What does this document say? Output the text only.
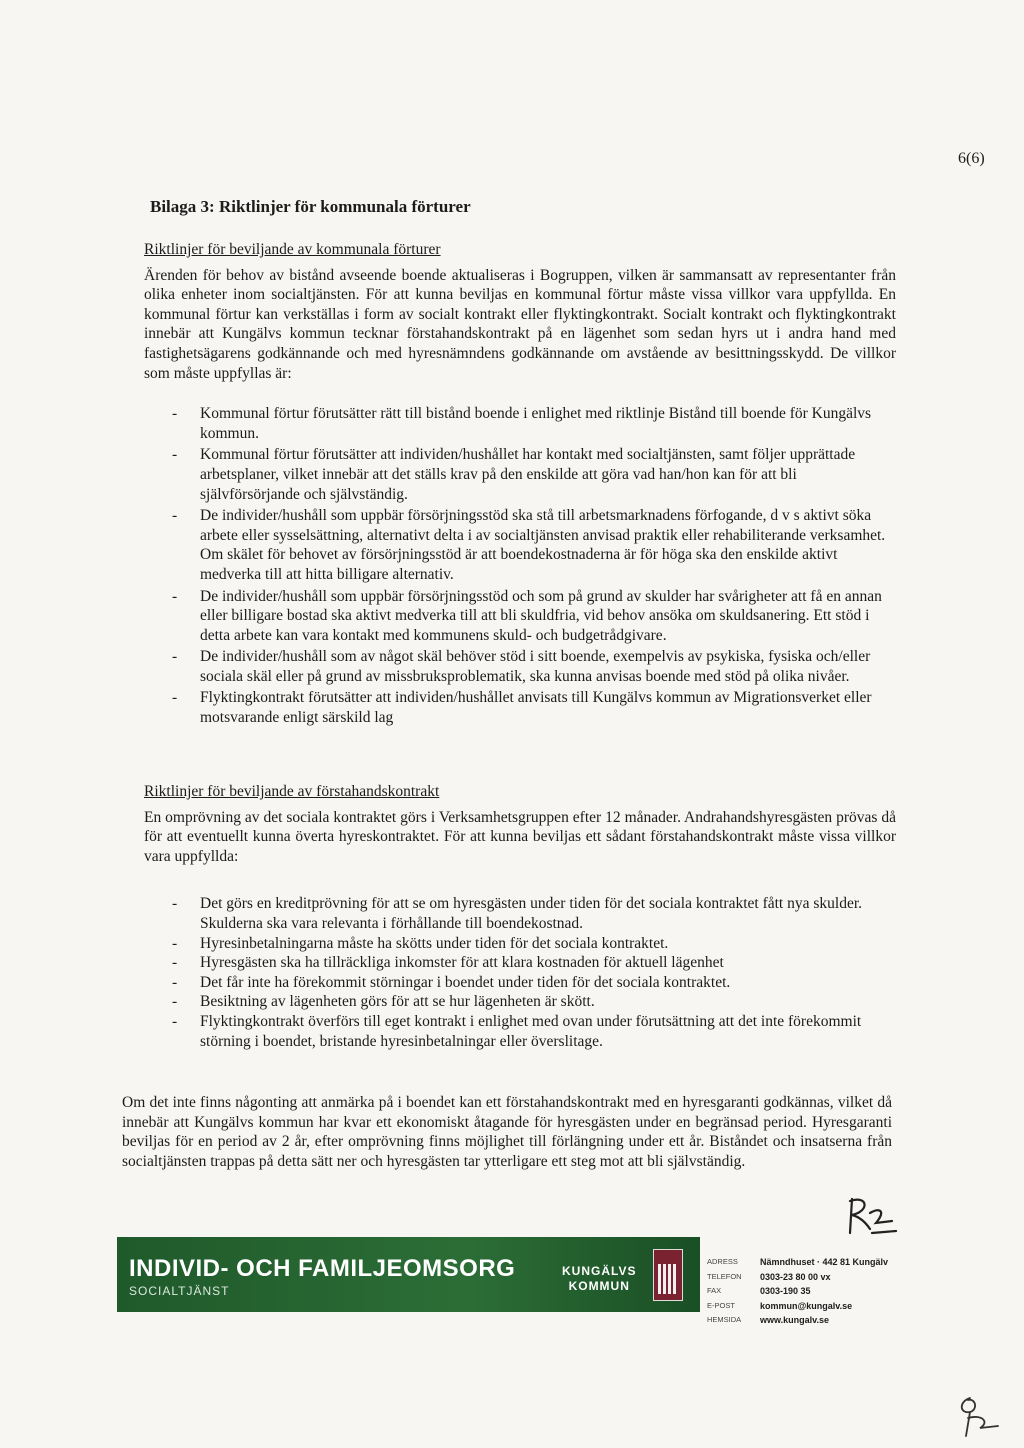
6(6)
Bilaga 3: Riktlinjer för kommunala förturer
Riktlinjer för beviljande av kommunala förturer

Ärenden för behov av bistånd avseende boende aktualiseras i Bogruppen, vilken är sammansatt av representanter från olika enheter inom socialtjänsten. För att kunna beviljas en kommunal förtur måste vissa villkor vara uppfyllda. En kommunal förtur kan verkställas i form av socialt kontrakt eller flyktingkontrakt. Socialt kontrakt och flyktingkontrakt innebär att Kungälvs kommun tecknar förstahandskontrakt på en lägenhet som sedan hyrs ut i andra hand med fastighetsägarens godkännande och med hyresnämndens godkännande om avstående av besittningsskydd. De villkor som måste uppfyllas är:

- Kommunal förtur förutsätter rätt till bistånd boende i enlighet med riktlinje Bistånd till boende för Kungälvs kommun.
- Kommunal förtur förutsätter att individen/hushållet har kontakt med socialtjänsten, samt följer upprättade arbetsplaner, vilket innebär att det ställs krav på den enskilde att göra vad han/hon kan för att bli självförsörjande och självständig.
- De individer/hushåll som uppbär försörjningsstöd ska stå till arbetsmarknadens förfogande, d v s aktivt söka arbete eller sysselsättning, alternativt delta i av socialtjänsten anvisad praktik eller rehabiliterande verksamhet. Om skälet för behovet av försörjningsstöd är att boendekostnaderna är för höga ska den enskilde aktivt medverka till att hitta billigare alternativ.
- De individer/hushåll som uppbär försörjningsstöd och som på grund av skulder har svårigheter att få en annan eller billigare bostad ska aktivt medverka till att bli skuldfria, vid behov ansöka om skuldsanering. Ett stöd i detta arbete kan vara kontakt med kommunens skuld- och budgetrådgivare.
- De individer/hushåll som av något skäl behöver stöd i sitt boende, exempelvis av psykiska, fysiska och/eller sociala skäl eller på grund av missbruksproblematik, ska kunna anvisas boende med stöd på olika nivåer.
- Flyktingkontrakt förutsätter att individen/hushållet anvisats till Kungälvs kommun av Migrationsverket eller motsvarande enligt särskild lag
Riktlinjer för beviljande av förstahandskontrakt

En omprövning av det sociala kontraktet görs i Verksamhetsgruppen efter 12 månader. Andrahandshyresgästen prövas då för att eventuellt kunna överta hyreskontraktet. För att kunna beviljas ett sådant förstahandskontrakt måste vissa villkor vara uppfyllda:

- Det görs en kreditprövning för att se om hyresgästen under tiden för det sociala kontraktet fått nya skulder. Skulderna ska vara relevanta i förhållande till boendekostnad.
- Hyresinbetalningarna måste ha skötts under tiden för det sociala kontraktet.
- Hyresgästen ska ha tillräckliga inkomster för att klara kostnaden för aktuell lägenhet
- Det får inte ha förekommit störningar i boendet under tiden för det sociala kontraktet.
- Besiktning av lägenheten görs för att se hur lägenheten är skött.
- Flyktingkontrakt överförs till eget kontrakt i enlighet med ovan under förutsättning att det inte förekommit störning i boendet, bristande hyresinbetalningar eller överslitage.

Om det inte finns någonting att anmärka på i boendet kan ett förstahandskontrakt med en hyresgaranti godkännas, vilket då innebär att Kungälvs kommun har kvar ett ekonomiskt åtagande för hyresgästen under en begränsad period. Hyresgaranti beviljas för en period av 2 år, efter omprövning finns möjlighet till förlängning under ett år. Biståndet och insatserna från socialtjänsten trappas på detta sätt ner och hyresgästen tar ytterligare ett steg mot att bli självständig.

INDIVID- OCH FAMILJEOMSORG
SOCIALTJÄNST
KUNGÄLVS
KOMMUN
ADRESS	Nämndhuset · 442 81 Kungälv
TELEFON	0303-23 80 00 vx
FAX	0303-190 35
E-POST	kommun@kungalv.se
HEMSIDA	www.kungalv.se
